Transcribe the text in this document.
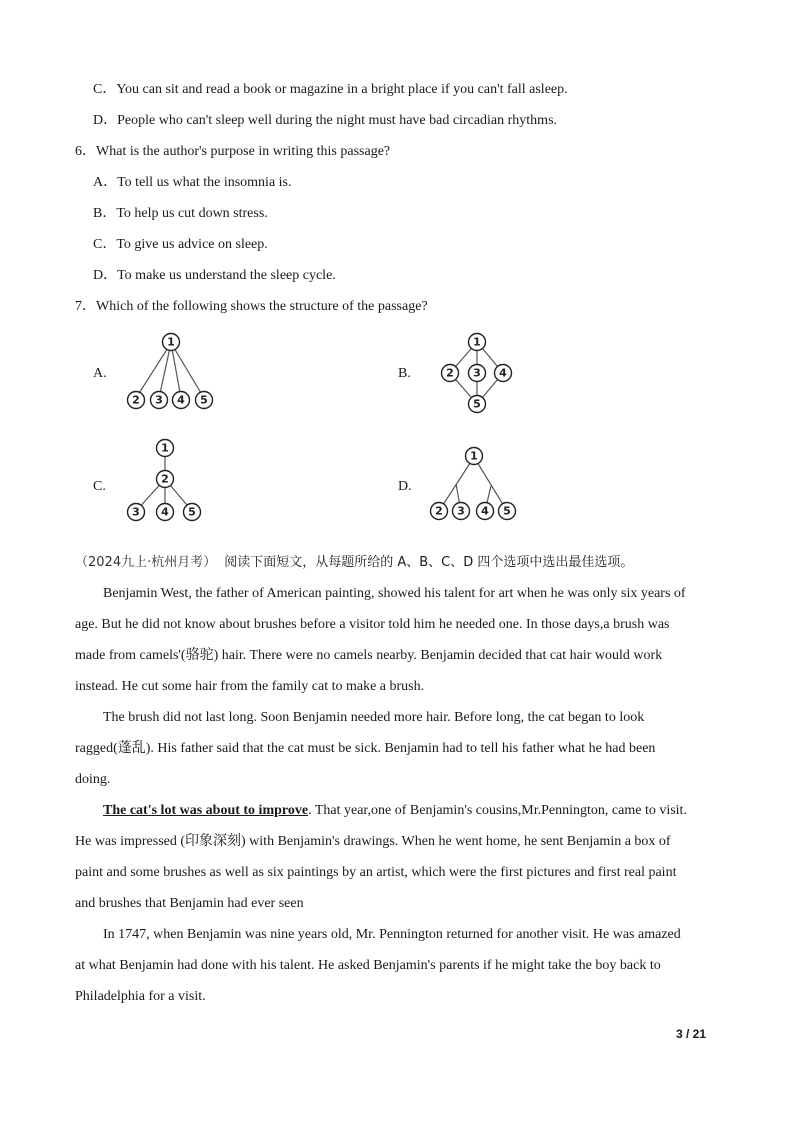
C．You can sit and read a book or magazine in a bright place if you can't fall asleep.
D．People who can't sleep well during the night must have bad circadian rhythms.
6．What is the author's purpose in writing this passage?
A．To tell us what the insomnia is.
B．To help us cut down stress.
C．To give us advice on sleep.
D．To make us understand the sleep cycle.
7．Which of the following shows the structure of the passage?
A.
1
2 3 4 5
B.
1
2 3 4
5
C.
1
2
3 4 5
D.
1
2 3 4 5
（2024九上·杭州月考） 阅读下面短文，从每题所给的 A、B、C、D 四个选项中选出最佳选项。
Benjamin West, the father of American painting, showed his talent for art when he was only six years of
age. But he did not know about brushes before a visitor told him he needed one. In those days,a brush was
made from camels'(骆驼) hair. There were no camels nearby. Benjamin decided that cat hair would work
instead. He cut some hair from the family cat to make a brush.
The brush did not last long. Soon Benjamin needed more hair. Before long, the cat began to look
ragged(蓬乱). His father said that the cat must be sick. Benjamin had to tell his father what he had been
doing.
The cat's lot was about to improve. That year,one of Benjamin's cousins,Mr.Pennington, came to visit.
He was impressed (印象深刻) with Benjamin's drawings. When he went home, he sent Benjamin a box of
paint and some brushes as well as six paintings by an artist, which were the first pictures and first real paint
and brushes that Benjamin had ever seen
In 1747, when Benjamin was nine years old, Mr. Pennington returned for another visit. He was amazed
at what Benjamin had done with his talent. He asked Benjamin's parents if he might take the boy back to
Philadelphia for a visit.
3 / 21
